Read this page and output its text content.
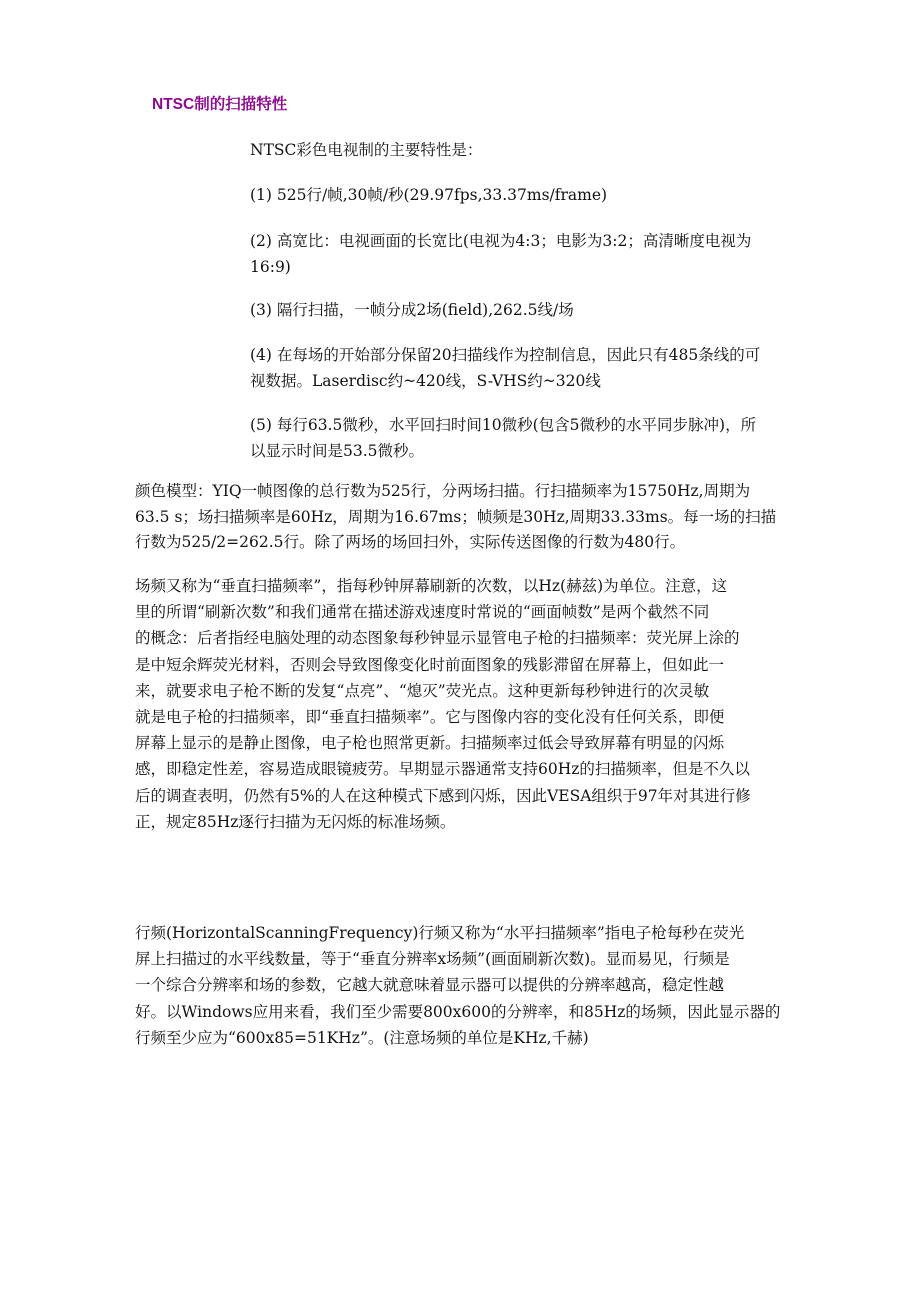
NTSC制的扫描特性
NTSC彩色电视制的主要特性是：
(1) 525行/帧,30帧/秒(29.97fps,33.37ms/frame)
(2) 高宽比：电视画面的长宽比(电视为4:3；电影为3:2；高清晰度电视为
16:9)
(3) 隔行扫描，一帧分成2场(field),262.5线/场
(4) 在每场的开始部分保留20扫描线作为控制信息，因此只有485条线的可
视数据。Laserdisc约~420线，S-VHS约~320线
(5) 每行63.5微秒，水平回扫时间10微秒(包含5微秒的水平同步脉冲)，所
以显示时间是53.5微秒。
颜色模型：YIQ一帧图像的总行数为525行，分两场扫描。行扫描频率为15750Hz,周期为
63.5 s；场扫描频率是60Hz，周期为16.67ms；帧频是30Hz,周期33.33ms。每一场的扫描
行数为525/2=262.5行。除了两场的场回扫外，实际传送图像的行数为480行。
场频又称为“垂直扫描频率”，指每秒钟屏幕刷新的次数，以Hz(赫兹)为单位。注意，这
里的所谓“刷新次数”和我们通常在描述游戏速度时常说的“画面帧数”是两个截然不同
的概念：后者指经电脑处理的动态图象每秒钟显示显管电子枪的扫描频率：荧光屏上涂的
是中短余辉荧光材料，否则会导致图像变化时前面图象的残影滞留在屏幕上，但如此一
来，就要求电子枪不断的发复“点亮”、“熄灭”荧光点。这种更新每秒钟进行的次灵敏
就是电子枪的扫描频率，即“垂直扫描频率”。它与图像内容的变化没有任何关系，即便
屏幕上显示的是静止图像，电子枪也照常更新。扫描频率过低会导致屏幕有明显的闪烁
感，即稳定性差，容易造成眼镜疲劳。早期显示器通常支持60Hz的扫描频率，但是不久以
后的调查表明，仍然有5%的人在这种模式下感到闪烁，因此VESA组织于97年对其进行修
正，规定85Hz逐行扫描为无闪烁的标准场频。
行频(HorizontalScanningFrequency)行频又称为“水平扫描频率”指电子枪每秒在荧光
屏上扫描过的水平线数量，等于“垂直分辨率x场频”(画面刷新次数)。显而易见，行频是
一个综合分辨率和场的参数，它越大就意味着显示器可以提供的分辨率越高，稳定性越
好。以Windows应用来看，我们至少需要800x600的分辨率，和85Hz的场频，因此显示器的
行频至少应为“600x85=51KHz”。(注意场频的单位是KHz,千赫)
